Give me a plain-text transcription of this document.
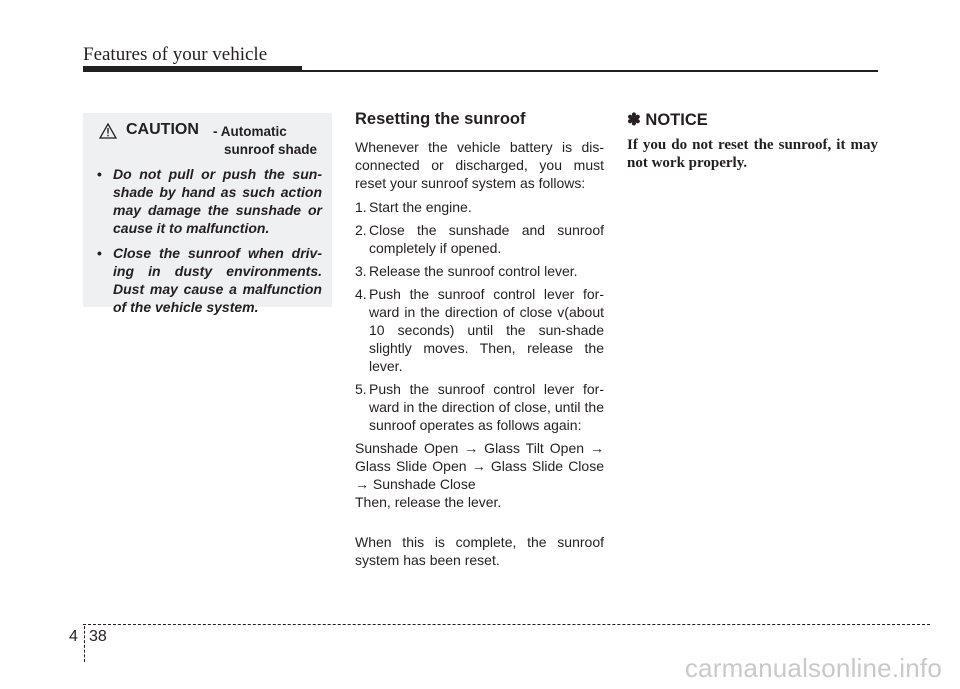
Features of your vehicle
CAUTION - Automatic
sunroof shade
• Do not pull or push the sun-shade by hand as such action may damage the sunshade or cause it to malfunction.
• Close the sunroof when driv-ing in dusty environments. Dust may cause a malfunction of the vehicle system.
Resetting the sunroof

Whenever the vehicle battery is dis-connected or discharged, you must reset your sunroof system as follows:

1. Start the engine.
2. Close the sunshade and sunroof completely if opened.
3. Release the sunroof control lever.
4. Push the sunroof control lever for-ward in the direction of close v(about 10 seconds) until the sun-shade slightly moves. Then, release the lever.
5. Push the sunroof control lever for-ward in the direction of close, until the sunroof operates as follows again:

Sunshade Open → Glass Tilt Open → Glass Slide Open → Glass Slide Close → Sunshade Close

Then, release the lever.

When this is complete, the sunroof system has been reset.

✽ NOTICE

If you do not reset the sunroof, it may not work properly.

4 38
carmanualsonline.info
